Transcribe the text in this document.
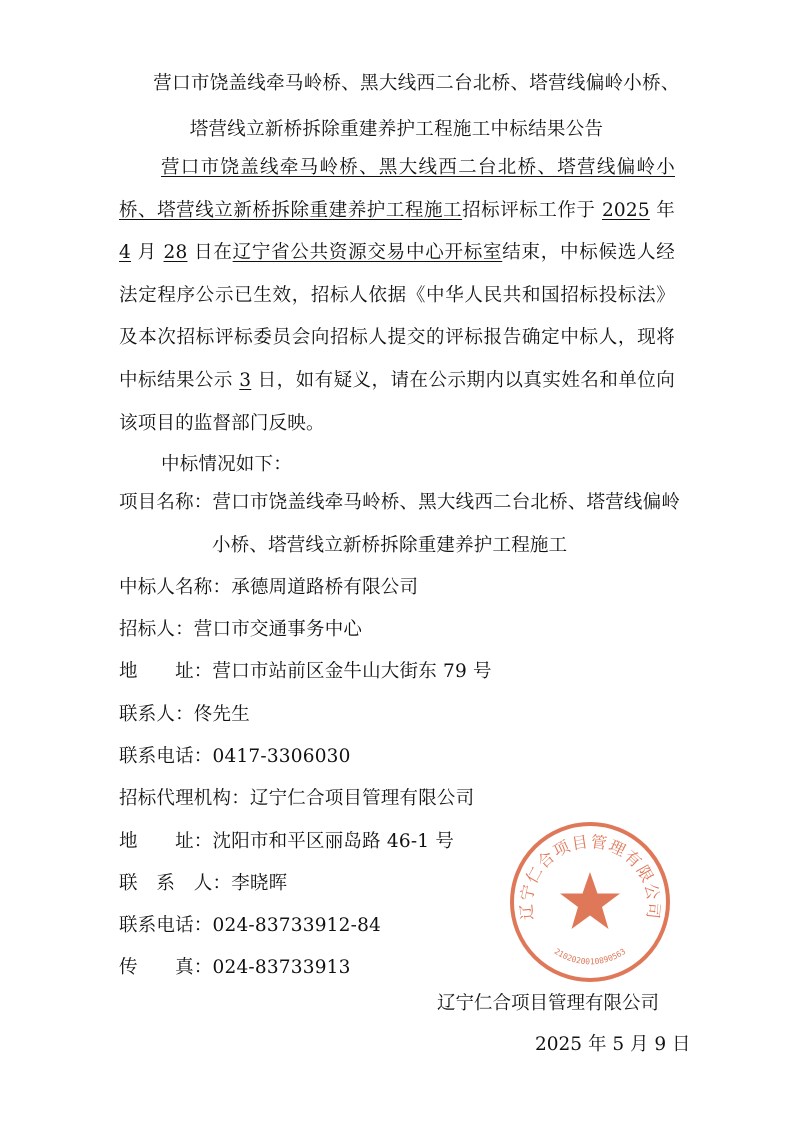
营口市饶盖线牵马岭桥、黑大线西二台北桥、塔营线偏岭小桥、
塔营线立新桥拆除重建养护工程施工中标结果公告

营口市饶盖线牵马岭桥、黑大线西二台北桥、塔营线偏岭小桥、塔营线立新桥拆除重建养护工程施工招标评标工作于 2025 年 4 月 28 日在辽宁省公共资源交易中心开标室结束，中标候选人经法定程序公示已生效，招标人依据《中华人民共和国招标投标法》及本次招标评标委员会向招标人提交的评标报告确定中标人，现将中标结果公示 3 日，如有疑义，请在公示期内以真实姓名和单位向该项目的监督部门反映。

中标情况如下：
项目名称：营口市饶盖线牵马岭桥、黑大线西二台北桥、塔营线偏岭
小桥、塔营线立新桥拆除重建养护工程施工
中标人名称：承德周道路桥有限公司
招标人：营口市交通事务中心
地　　址：营口市站前区金牛山大街东 79 号
联系人：佟先生
联系电话：0417-3306030
招标代理机构：辽宁仁合项目管理有限公司
地　　址：沈阳市和平区丽岛路 46-1 号
联　系　人：李晓晖
联系电话：024-83733912-84
传　　真：024-83733913
辽宁仁合项目管理有限公司
2102020010890563
辽宁仁合项目管理有限公司
2025 年 5 月 9 日
